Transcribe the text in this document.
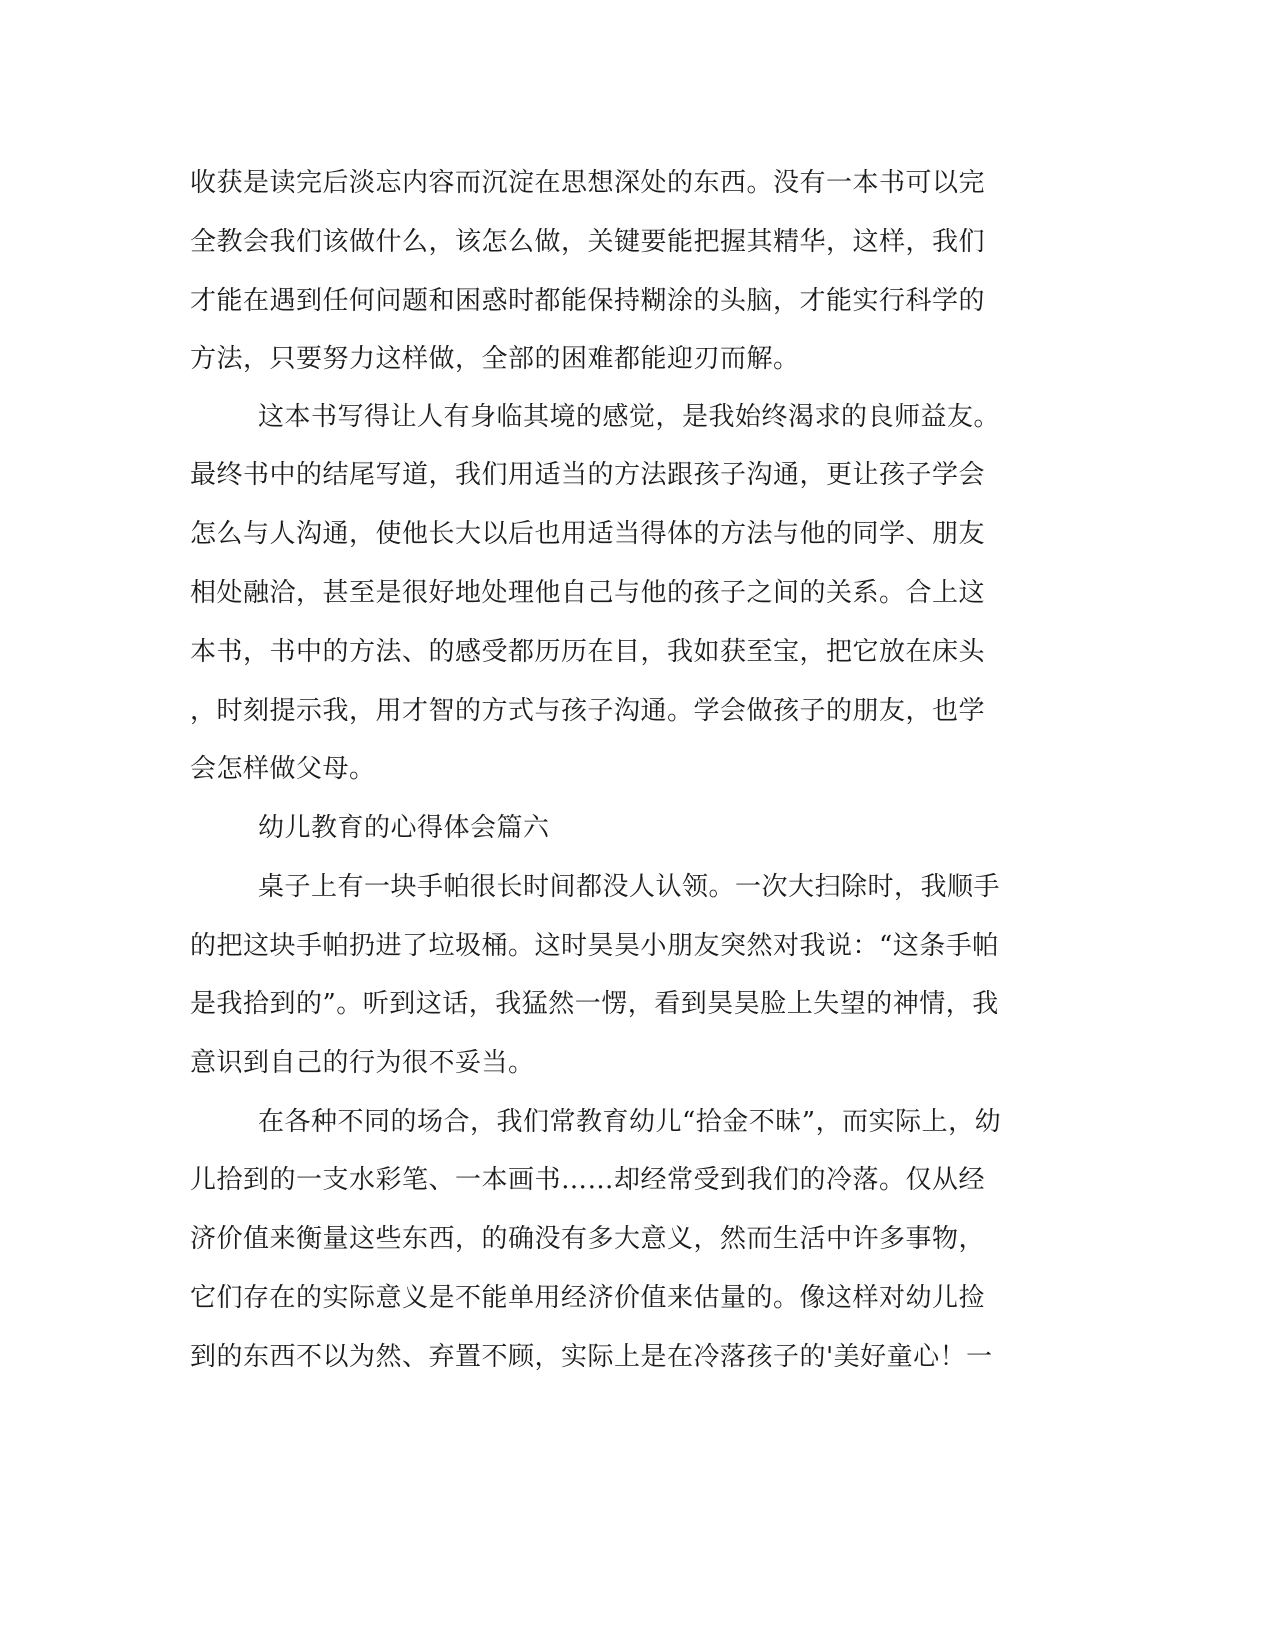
收获是读完后淡忘内容而沉淀在思想深处的东西。没有一本书可以完
全教会我们该做什么，该怎么做，关键要能把握其精华，这样，我们
才能在遇到任何问题和困惑时都能保持糊涂的头脑，才能实行科学的
方法，只要努力这样做，全部的困难都能迎刃而解。
这本书写得让人有身临其境的感觉，是我始终渴求的良师益友。
最终书中的结尾写道，我们用适当的方法跟孩子沟通，更让孩子学会
怎么与人沟通，使他长大以后也用适当得体的方法与他的同学、朋友
相处融洽，甚至是很好地处理他自己与他的孩子之间的关系。合上这
本书，书中的方法、的感受都历历在目，我如获至宝，把它放在床头
，时刻提示我，用才智的方式与孩子沟通。学会做孩子的朋友，也学
会怎样做父母。
幼儿教育的心得体会篇六
桌子上有一块手帕很长时间都没人认领。一次大扫除时，我顺手
的把这块手帕扔进了垃圾桶。这时昊昊小朋友突然对我说：“这条手帕
是我拾到的”。听到这话，我猛然一愣，看到昊昊脸上失望的神情，我
意识到自己的行为很不妥当。
在各种不同的场合，我们常教育幼儿“拾金不昧”，而实际上，幼
儿拾到的一支水彩笔、一本画书……却经常受到我们的冷落。仅从经
济价值来衡量这些东西，的确没有多大意义，然而生活中许多事物，
它们存在的实际意义是不能单用经济价值来估量的。像这样对幼儿捡
到的东西不以为然、弃置不顾，实际上是在冷落孩子的'美好童心！一
